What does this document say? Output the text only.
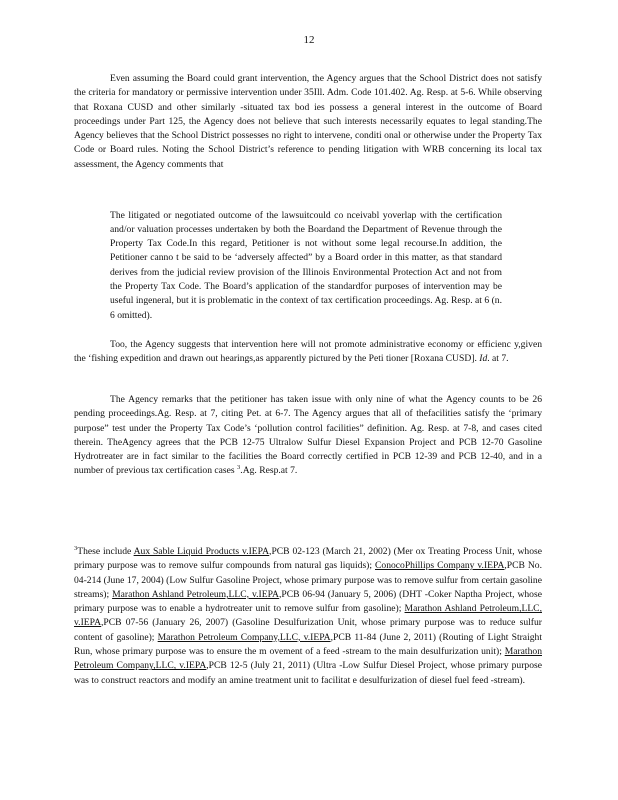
12

Even assuming the Board could grant intervention, the Agency argues that the School District does not satisfy the criteria for mandatory or permissive intervention under 35Ill. Adm. Code 101.402. Ag. Resp. at 5-6. While observing that Roxana CUSD and other similarly -situated tax bod ies possess a general interest in the outcome of Board proceedings under Part 125, the Agency does not believe that such interests necessarily equates to legal standing.The Agency believes that the School District possesses no right to intervene, conditi onal or otherwise under the Property Tax Code or Board rules. Noting the School District’s reference to pending litigation with WRB concerning its local tax assessment, the Agency comments that

The litigated or negotiated outcome of the lawsuitcould co nceivabl yoverlap with the certification and/or valuation processes undertaken by both the Boardand the Department of Revenue through the Property Tax Code.In this regard, Petitioner is not without some legal recourse.In addition, the Petitioner canno t be said to be ‘adversely affected” by a Board order in this matter, as that standard derives from the judicial review provision of the Illinois Environmental Protection Act and not from the Property Tax Code. The Board’s application of the standardfor purposes of intervention may be useful ingeneral, but it is problematic in the context of tax certification proceedings. Ag. Resp. at 6 (n. 6 omitted).

Too, the Agency suggests that intervention here will not promote administrative economy or efficienc y,given the ‘fishing expedition and drawn out hearings,as apparently pictured by the Peti tioner [Roxana CUSD]. Id. at 7.

The Agency remarks that the petitioner has taken issue with only nine of what the Agency counts to be 26 pending proceedings.Ag. Resp. at 7, citing Pet. at 6-7. The Agency argues that all of thefacilities satisfy the ‘primary purpose” test under the Property Tax Code’s ‘pollution control facilities” definition. Ag. Resp. at 7-8, and cases cited therein. TheAgency agrees that the PCB 12-75 Ultralow Sulfur Diesel Expansion Project and PCB 12-70 Gasoline Hydrotreater are in fact similar to the facilities the Board correctly certified in PCB 12-39 and PCB 12-40, and in a number of previous tax certification cases $^3$.Ag. Resp.at 7.

$^3$These include Aux Sable Liquid Products v.IEPA,PCB 02-123 (March 21, 2002) (Mer ox Treating Process Unit, whose primary purpose was to remove sulfur compounds from natural gas liquids); ConocoPhillips Company v.IEPA,PCB No. 04-214 (June 17, 2004) (Low Sulfur Gasoline Project, whose primary purpose was to remove sulfur from certain gasoline streams); Marathon Ashland Petroleum,LLC, v.IEPA,PCB 06-94 (January 5, 2006) (DHT -Coker Naptha Project, whose primary purpose was to enable a hydrotreater unit to remove sulfur from gasoline); Marathon Ashland Petroleum,LLC, v.IEPA,PCB 07-56 (January 26, 2007) (Gasoline Desulfurization Unit, whose primary purpose was to reduce sulfur content of gasoline); Marathon Petroleum Company,LLC, v.IEPA,PCB 11-84 (June 2, 2011) (Routing of Light Straight Run, whose primary purpose was to ensure the m ovement of a feed -stream to the main desulfurization unit); Marathon Petroleum Company,LLC, v.IEPA,PCB 12-5 (July 21, 2011) (Ultra -Low Sulfur Diesel Project, whose primary purpose was to construct reactors and modify an amine treatment unit to facilitat e desulfurization of diesel fuel feed -stream).
